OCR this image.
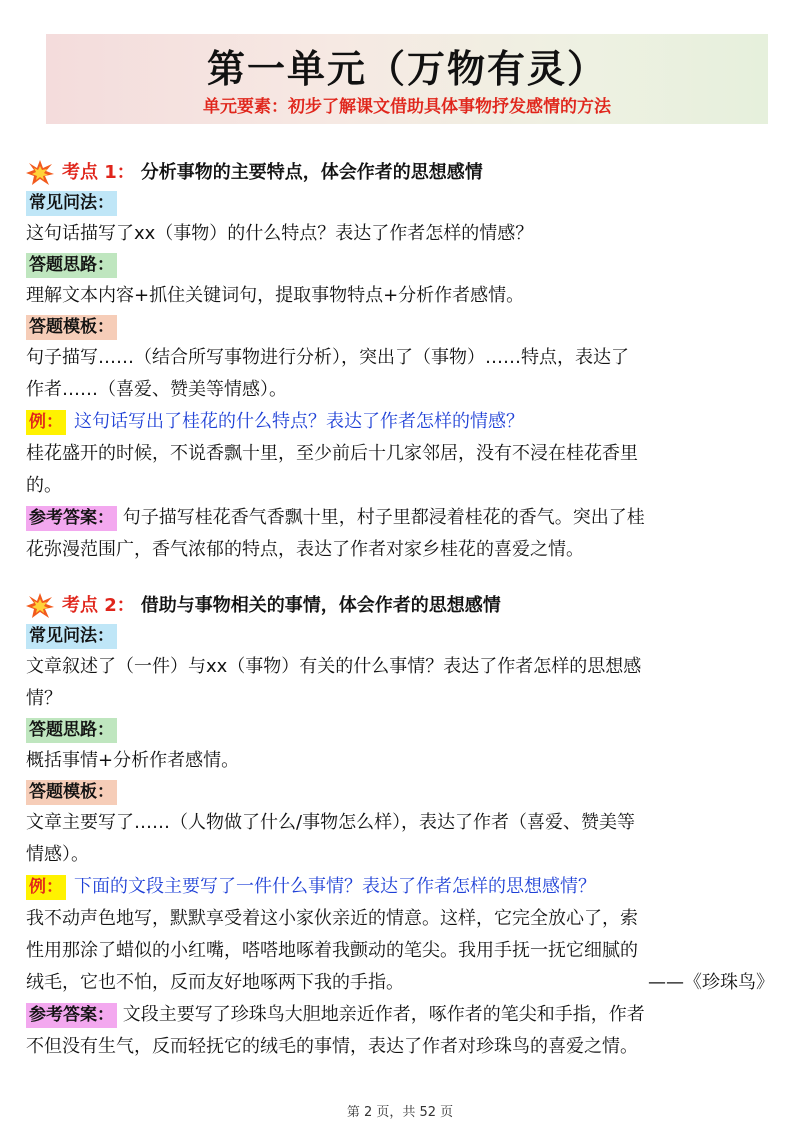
第一单元（万物有灵）
单元要素：初步了解课文借助具体事物抒发感情的方法
考点 1： 分析事物的主要特点，体会作者的思想感情
常见问法：
这句话描写了xx（事物）的什么特点？表达了作者怎样的情感？
答题思路：
理解文本内容+抓住关键词句，提取事物特点+分析作者感情。
答题模板：
句子描写……（结合所写事物进行分析），突出了（事物）……特点，表达了
作者……（喜爱、赞美等情感）。
例： 这句话写出了桂花的什么特点？表达了作者怎样的情感？
桂花盛开的时候，不说香飘十里，至少前后十几家邻居，没有不浸在桂花香里
的。
参考答案： 句子描写桂花香气香飘十里，村子里都浸着桂花的香气。突出了桂
花弥漫范围广，香气浓郁的特点，表达了作者对家乡桂花的喜爱之情。
考点 2： 借助与事物相关的事情，体会作者的思想感情
常见问法：
文章叙述了（一件）与xx（事物）有关的什么事情？表达了作者怎样的思想感
情？
答题思路：
概括事情+分析作者感情。
答题模板：
文章主要写了……（人物做了什么/事物怎么样），表达了作者（喜爱、赞美等
情感）。
例： 下面的文段主要写了一件什么事情？表达了作者怎样的思想感情？
我不动声色地写，默默享受着这小家伙亲近的情意。这样，它完全放心了，索
性用那涂了蜡似的小红嘴，嗒嗒地啄着我颤动的笔尖。我用手抚一抚它细腻的
绒毛，它也不怕，反而友好地啄两下我的手指。	——《珍珠鸟》
参考答案： 文段主要写了珍珠鸟大胆地亲近作者，啄作者的笔尖和手指，作者
不但没有生气，反而轻抚它的绒毛的事情，表达了作者对珍珠鸟的喜爱之情。
第 2 页，共 52 页
